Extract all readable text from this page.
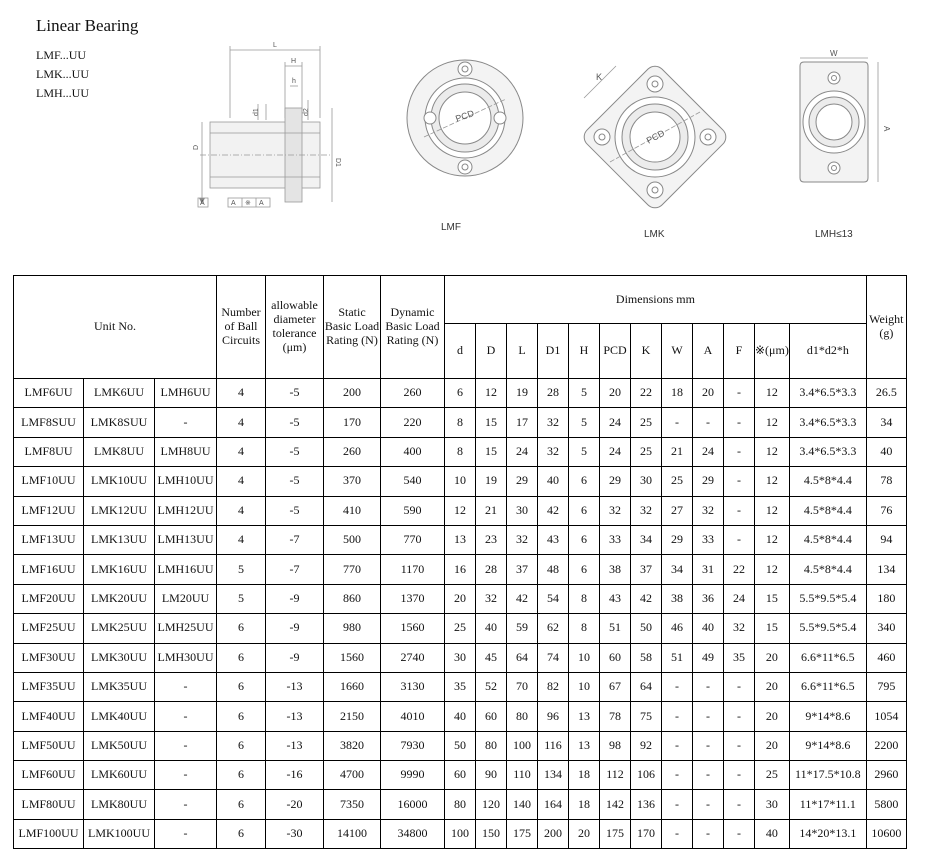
Linear Bearing
LMF...UU
LMK...UU
LMH...UU
L
H
h
d1	d2
D
D1
A	A ※ A
PCD
LMF
K
PCD
LMK
W
A
LMH≤13
Unit No.			Number of Ball Circuits	allowable diameter tolerance (μm)	Static Basic Load Rating (N)	Dynamic Basic Load Rating (N)	Dimensions mm												Weight (g)
							d	D	L	D1	H	PCD	K	W	A	F	※(μm)	d1*d2*h	
LMF6UU	LMK6UU	LMH6UU	4	-5	200	260	6	12	19	28	5	20	22	18	20	-	12	3.4*6.5*3.3	26.5
LMF8SUU	LMK8SUU	-	4	-5	170	220	8	15	17	32	5	24	25	-	-	-	12	3.4*6.5*3.3	34
LMF8UU	LMK8UU	LMH8UU	4	-5	260	400	8	15	24	32	5	24	25	21	24	-	12	3.4*6.5*3.3	40
LMF10UU	LMK10UU	LMH10UU	4	-5	370	540	10	19	29	40	6	29	30	25	29	-	12	4.5*8*4.4	78
LMF12UU	LMK12UU	LMH12UU	4	-5	410	590	12	21	30	42	6	32	32	27	32	-	12	4.5*8*4.4	76
LMF13UU	LMK13UU	LMH13UU	4	-7	500	770	13	23	32	43	6	33	34	29	33	-	12	4.5*8*4.4	94
LMF16UU	LMK16UU	LMH16UU	5	-7	770	1170	16	28	37	48	6	38	37	34	31	22	12	4.5*8*4.4	134
LMF20UU	LMK20UU	LM20UU	5	-9	860	1370	20	32	42	54	8	43	42	38	36	24	15	5.5*9.5*5.4	180
LMF25UU	LMK25UU	LMH25UU	6	-9	980	1560	25	40	59	62	8	51	50	46	40	32	15	5.5*9.5*5.4	340
LMF30UU	LMK30UU	LMH30UU	6	-9	1560	2740	30	45	64	74	10	60	58	51	49	35	20	6.6*11*6.5	460
LMF35UU	LMK35UU	-	6	-13	1660	3130	35	52	70	82	10	67	64	-	-	-	20	6.6*11*6.5	795
LMF40UU	LMK40UU	-	6	-13	2150	4010	40	60	80	96	13	78	75	-	-	-	20	9*14*8.6	1054
LMF50UU	LMK50UU	-	6	-13	3820	7930	50	80	100	116	13	98	92	-	-	-	20	9*14*8.6	2200
LMF60UU	LMK60UU	-	6	-16	4700	9990	60	90	110	134	18	112	106	-	-	-	25	11*17.5*10.8	2960
LMF80UU	LMK80UU	-	6	-20	7350	16000	80	120	140	164	18	142	136	-	-	-	30	11*17*11.1	5800
LMF100UU	LMK100UU	-	6	-30	14100	34800	100	150	175	200	20	175	170	-	-	-	40	14*20*13.1	10600
